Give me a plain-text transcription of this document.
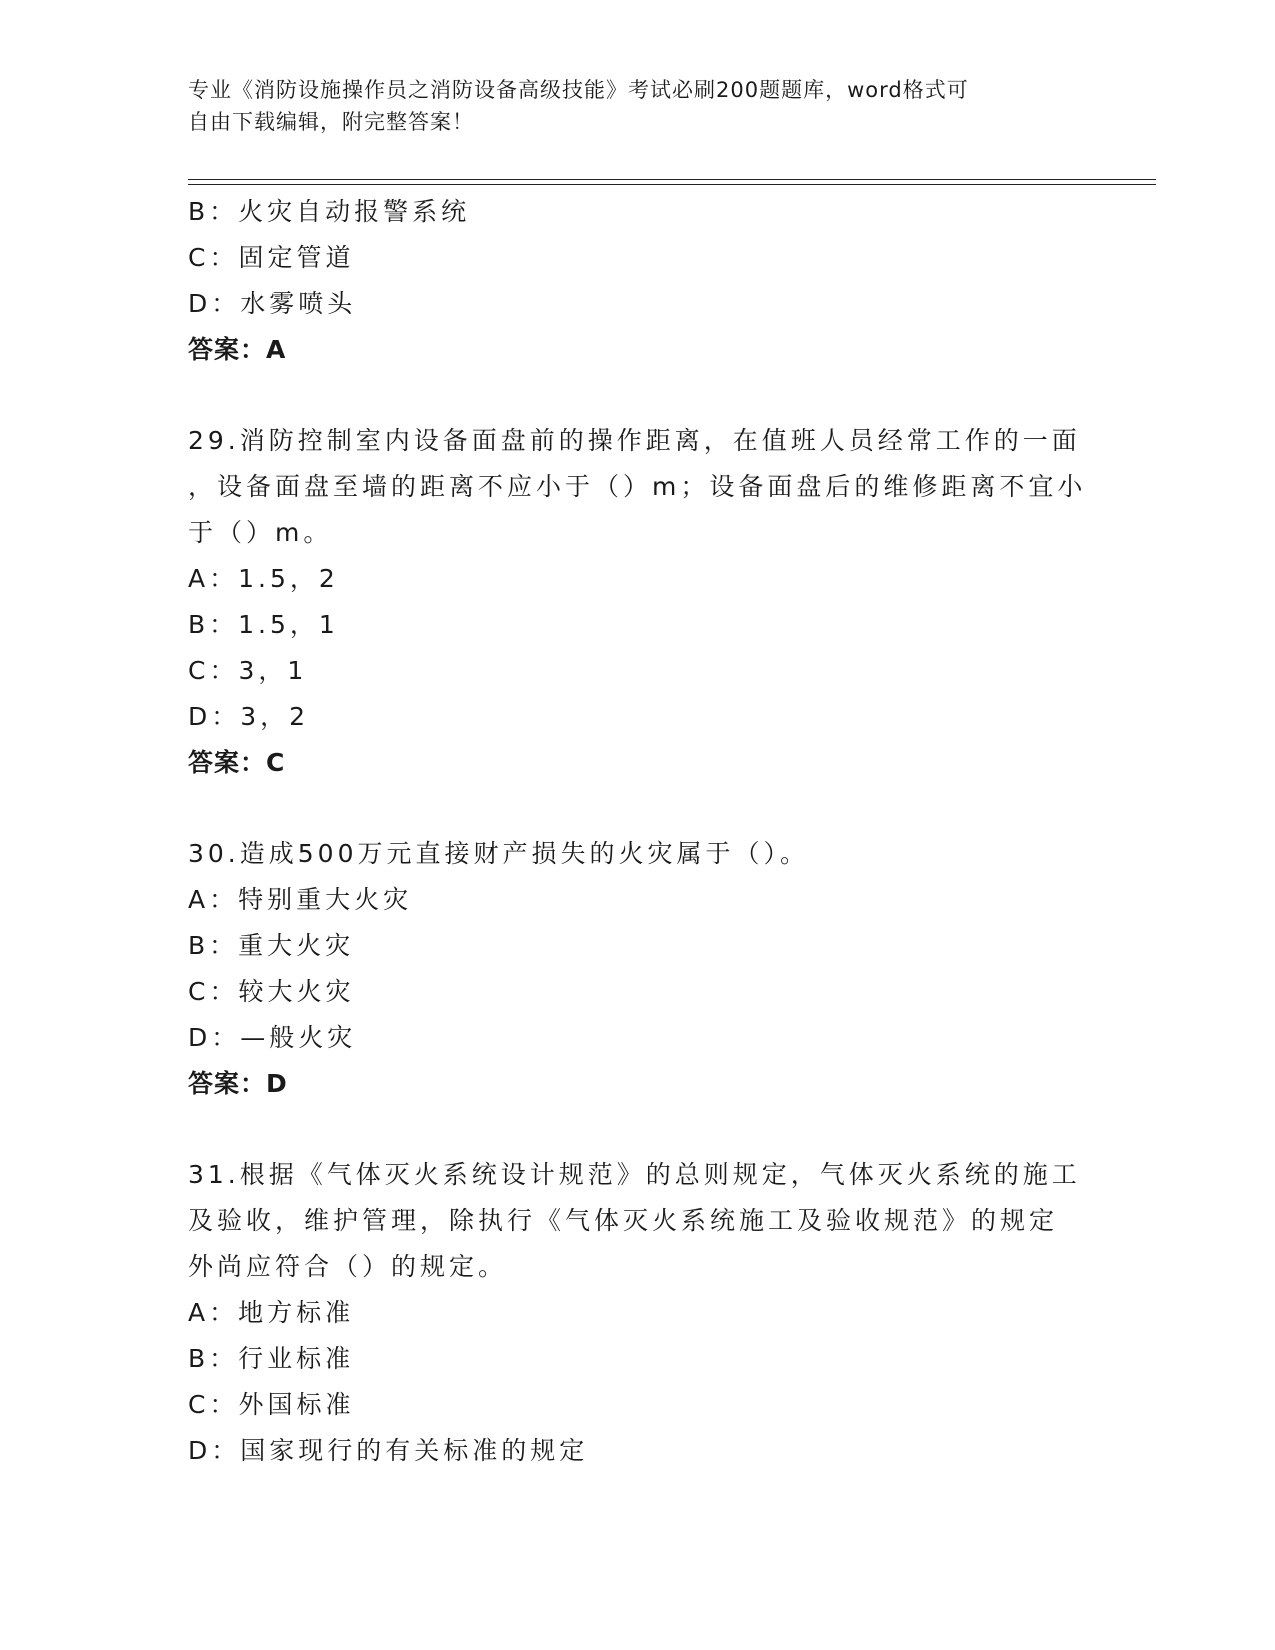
专业《消防设施操作员之消防设备高级技能》考试必刷200题题库，word格式可
自由下载编辑，附完整答案！
B：火灾自动报警系统
C：固定管道
D：水雾喷头
答案：A
29.消防控制室内设备面盘前的操作距离，在值班人员经常工作的一面
，设备面盘至墙的距离不应小于（）m；设备面盘后的维修距离不宜小
于（）m。
A：1.5，2
B：1.5，1
C：3，1
D：3，2
答案：C
30.造成500万元直接财产损失的火灾属于（）。
A：特别重大火灾
B：重大火灾
C：较大火灾
D：—般火灾
答案：D
31.根据《气体灭火系统设计规范》的总则规定，气体灭火系统的施工
及验收，维护管理，除执行《气体灭火系统施工及验收规范》的规定
外尚应符合（）的规定。
A：地方标准
B：行业标准
C：外国标准
D：国家现行的有关标准的规定
